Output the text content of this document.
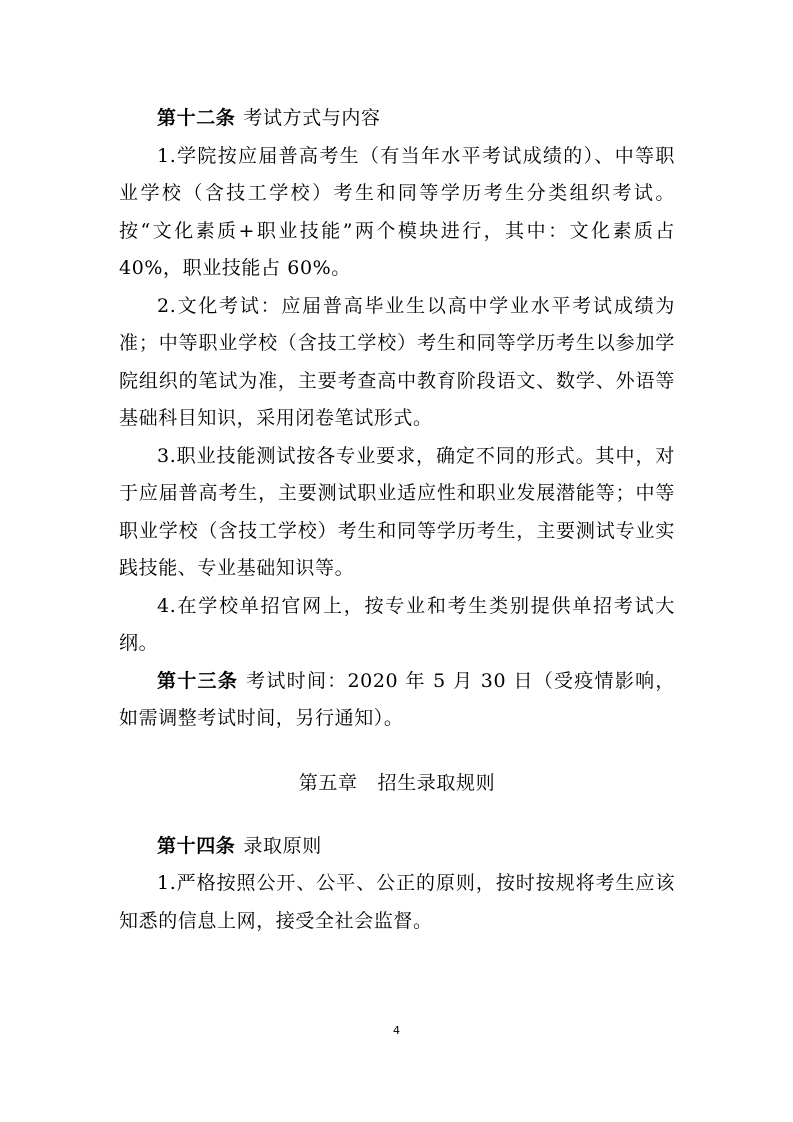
第十二条 考试方式与内容

1.学院按应届普高考生（有当年水平考试成绩的）、中等职业学校（含技工学校）考生和同等学历考生分类组织考试。按“文化素质+职业技能”两个模块进行，其中：文化素质占 40%，职业技能占 60%。

2.文化考试：应届普高毕业生以高中学业水平考试成绩为准；中等职业学校（含技工学校）考生和同等学历考生以参加学院组织的笔试为准，主要考查高中教育阶段语文、数学、外语等基础科目知识，采用闭卷笔试形式。

3.职业技能测试按各专业要求，确定不同的形式。其中，对于应届普高考生，主要测试职业适应性和职业发展潜能等；中等职业学校（含技工学校）考生和同等学历考生，主要测试专业实践技能、专业基础知识等。

4.在学校单招官网上，按专业和考生类别提供单招考试大纲。

第十三条 考试时间：2020 年 5 月 30 日（受疫情影响，如需调整考试时间，另行通知）。

第五章 招生录取规则

第十四条 录取原则

1.严格按照公开、公平、公正的原则，按时按规将考生应该知悉的信息上网，接受全社会监督。

4
